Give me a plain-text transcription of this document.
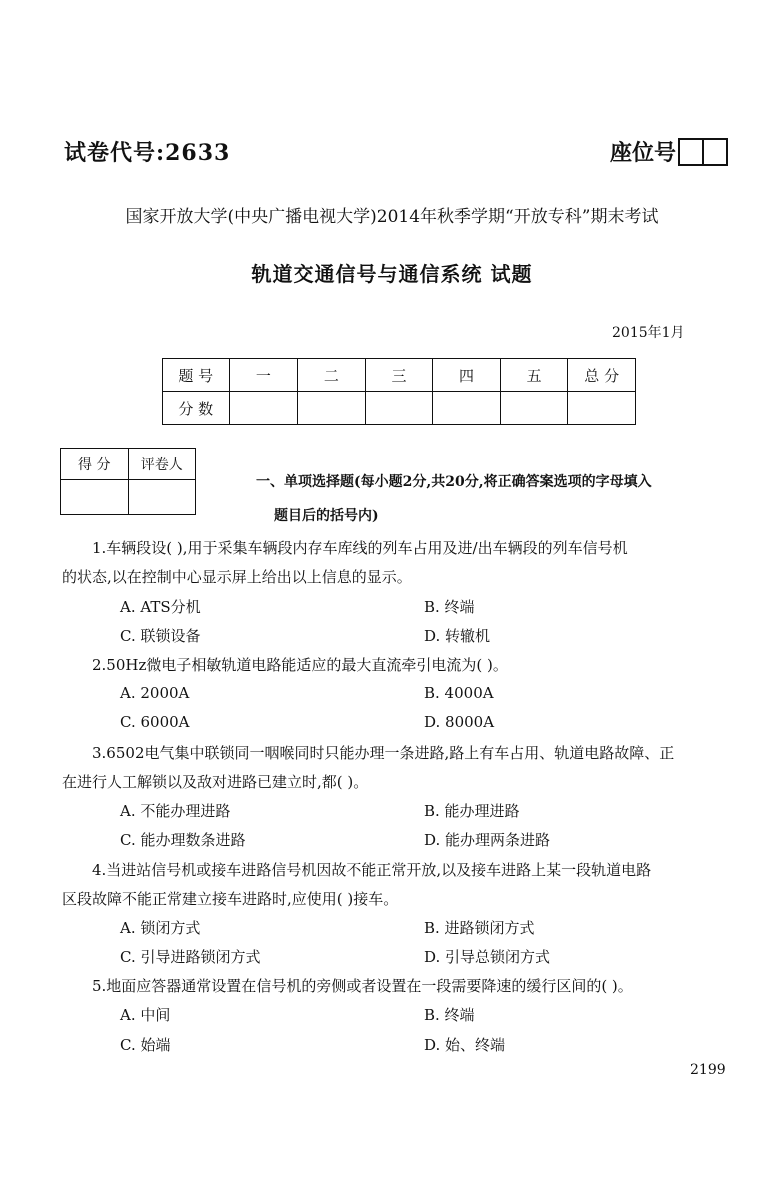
试卷代号:2633	座位号
国家开放大学(中央广播电视大学)2014年秋季学期“开放专科”期末考试
轨道交通信号与通信系统 试题
2015年1月
题 号	一	二	三	四	五	总 分
分 数						
得 分	评卷人

一、单项选择题(每小题2分,共20分,将正确答案选项的字母填入
题目后的括号内)
1.车辆段设( ),用于采集车辆段内存车库线的列车占用及进/出车辆段的列车信号机
的状态,以在控制中心显示屏上给出以上信息的显示。
A. ATS分机	B. 终端
C. 联锁设备	D. 转辙机
2.50Hz微电子相敏轨道电路能适应的最大直流牵引电流为( )。
A. 2000A	B. 4000A
C. 6000A	D. 8000A
3.6502电气集中联锁同一咽喉同时只能办理一条进路,路上有车占用、轨道电路故障、正
在进行人工解锁以及敌对进路已建立时,都( )。
A. 不能办理进路	B. 能办理进路
C. 能办理数条进路	D. 能办理两条进路
4.当进站信号机或接车进路信号机因故不能正常开放,以及接车进路上某一段轨道电路
区段故障不能正常建立接车进路时,应使用( )接车。
A. 锁闭方式	B. 进路锁闭方式
C. 引导进路锁闭方式	D. 引导总锁闭方式
5.地面应答器通常设置在信号机的旁侧或者设置在一段需要降速的缓行区间的( )。
A. 中间	B. 终端
C. 始端	D. 始、终端
2199
